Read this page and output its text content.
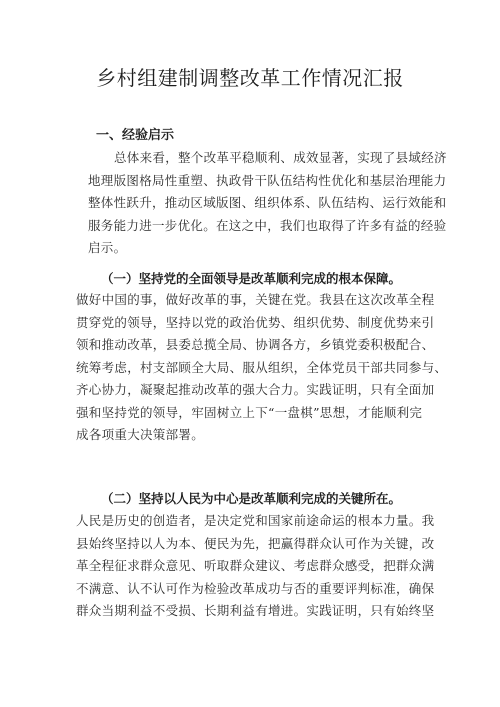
乡村组建制调整改革工作情况汇报
一、经验启示
总体来看，整个改革平稳顺利、成效显著，实现了县域经济
地理版图格局性重塑、执政骨干队伍结构性优化和基层治理能力
整体性跃升，推动区域版图、组织体系、队伍结构、运行效能和
服务能力进一步优化。在这之中，我们也取得了许多有益的经验
启示。
（一）坚持党的全面领导是改革顺利完成的根本保障。
做好中国的事，做好改革的事，关键在党。我县在这次改革全程
贯穿党的领导，坚持以党的政治优势、组织优势、制度优势来引
领和推动改革，县委总揽全局、协调各方，乡镇党委积极配合、
统筹考虑，村支部顾全大局、服从组织，全体党员干部共同参与、
齐心协力，凝聚起推动改革的强大合力。实践证明，只有全面加
强和坚持党的领导，牢固树立上下“一盘棋”思想，才能顺利完
成各项重大决策部署。
（二）坚持以人民为中心是改革顺利完成的关键所在。
人民是历史的创造者，是决定党和国家前途命运的根本力量。我
县始终坚持以人为本、便民为先，把赢得群众认可作为关键，改
革全程征求群众意见、听取群众建议、考虑群众感受，把群众满
不满意、认不认可作为检验改革成功与否的重要评判标准，确保
群众当期利益不受损、长期利益有增进。实践证明，只有始终坚
